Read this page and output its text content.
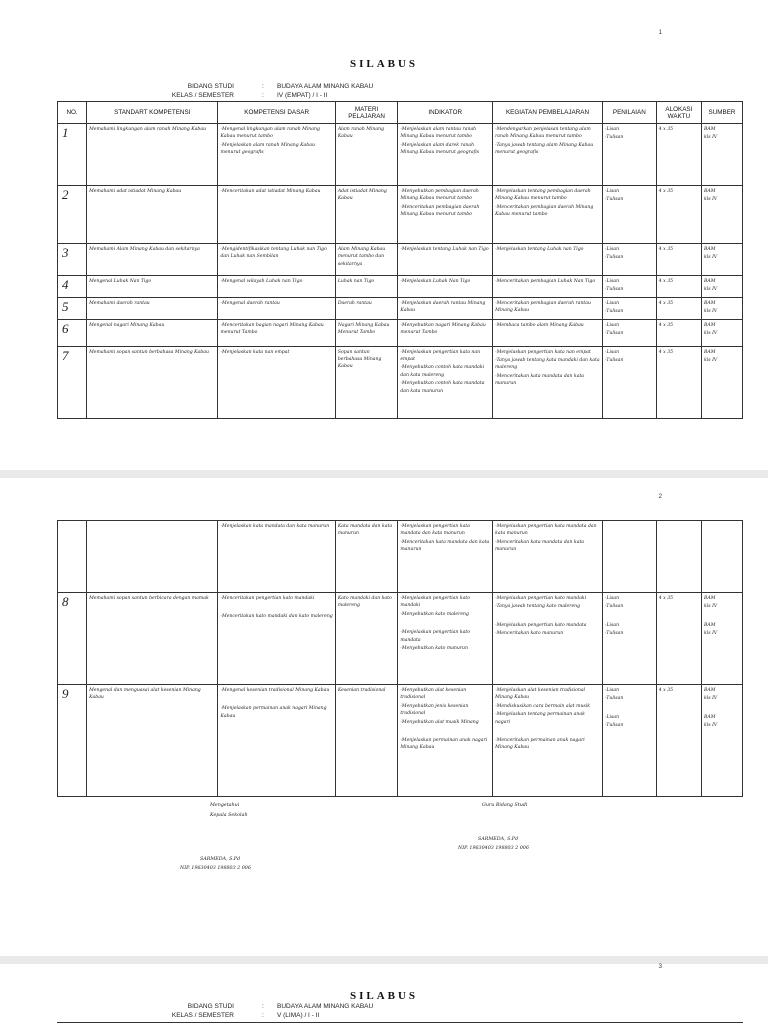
1
SILABUS
BIDANG STUDI	: BUDAYA ALAM MINANG KABAU
KELAS / SEMESTER	: IV (EMPAT) / I - II
NO.	STANDART KOMPETENSI	KOMPETENSI DASAR	MATERI PELAJARAN	INDIKATOR	KEGIATAN PEMBELAJARAN	PENILAIAN	ALOKASI WAKTU	SUMBER

1	Memahami lingkungan alam ranah Minang Kabau	-Mengenal lingkungan alam ranah Minang Kabau menurut tambo
-Menjelaskan alam ranah Minang Kabau menurut geografis	Alam ranah Minang Kabau	-Menjelaskan alam rantau ranah Minang Kabau menurut tambo
-Menjelaskan alam darek ranah Minang Kabau menurut geografis	-Mendengarkan penjelasan tentang alam ranah Minang Kabau menurut tambo
-Tanya jawab tentang alam Minang Kabau menurut geografis	-Lisan
-Tulisan	4 x 35	BAM
kls IV

2	Memahami adat istiadat Minang Kabau	-Menceritakan adat istiadat Minang Kabau	Adat istiadat Minang Kabau	-Menyebutkan pembagian daerah Minang Kabau menurut tambo
-Menceritakan pembagian daerah Minang Kabau menurut tambo	-Menjelaskan tentang pembagian daerah Minang Kabau menurut tambo
-Menceritakan pembagian daerah Minang Kabau menurut tambo	-Lisan
-Tulisan	4 x 35	BAM
kls IV

3	Memahami Alam Minang Kabau dan sekitarnya	-Mengidentifikasikan tentang Luhak nan Tigo dan Luhak nan Sembilan	Alam Minang Kabau menurut tambo dan sekitarnya	-Menjelaskan tentang Luhak nan Tigo	-Menjelaskan tentang Luhak nan Tigo	-Lisan
-Tulisan	4 x 35	BAM
kls IV

4	Mengenal Luhak Nan Tigo	-Mengenal wilayah Luhak nan Tigo	Luhak nan Tigo	-Menjelaskan Luhak Nan Tigo	-Menceritakan pembagian Luhak Nan Tigo	-Lisan
-Tulisan	4 x 35	BAM
kls IV

5	Memahami daerah rantau	-Mengenal daerah rantau	Daerah rantau	-Menjelaskan daerah rantau Minang Kabau	-Menceritakan pembagian daerah rantau Minang Kabau	-Lisan
-Tulisan	4 x 35	BAM
kls IV

6	Mengenal nagari Minang Kabau	-Menceritakan bagian nagari Minang Kabau menurut Tambo	Nagari Minang Kabau Menurut Tambo	-Menyebutkan nagari Minang Kabau menurut Tambo	-Membaca tambo alam Minang Kabau	-Lisan
-Tulisan	4 x 35	BAM
kls IV

7	Memahami sopan santun berbahasa Minang Kabau	-Menjelaskan kata nan empat	Sopan santun berbahasa Minang Kabau	-Menjelaskan pengertian kata nan empat
-Menyebutkan contoh kata mandaki dan kata malereng
-Menyebutkan contoh kata mandata dan kata manurun	-Menjelaskan pengertian kata nan empat
-Tanya jawab tentang kata mandaki dan kata malereng
-Menceritakan kata mandata dan kata manurun	-Lisan
-Tulisan	4 x 35	BAM
kls IV
2

		-Menjelaskan kata mandata dan kata manurun	Kata mandata dan kata manurun	-Menjelaskan pengertian kata mandata dan kata manurun
-Menceritakan kata mandata dan kata manurun	-Menjelaskan pengertian kata mandata dan kata manurun
-Menceritakan kata mandata dan kata manurun			

8	Memahami sopan santun berbicara dengan mamak	-Menceritakan pengertian kato mandaki
-Menceritakan kato mandaki dan kato malereng	Kato mandaki dan kato malereng	-Menjelaskan pengertian kato mandaki
-Menyebutkan kato malereng
-Menjelaskan pengertian kato mandata
-Menyebutkan kato manurun	-Menjelaskan pengertian kato mandaki
-Tanya jawab tentang kato malereng
-Menjelaskan pengertian kato mandata
-Menceritakan kato manurun	-Lisan
-Tulisan
-Lisan
-Tulisan	4 x 35	BAM
kls IV
BAM
kls IV

9	Mengenal dan menguasai alat kesenian Minang Kabau	-Mengenal kesenian tradisional Minang Kabau
-Menjelaskan permainan anak nagari Minang Kabau	Kesenian tradisional	-Menyebutkan alat kesenian tradisional
-Menyebutkan jenis kesenian tradisional
-Menyebutkan alat musik Minang
-Menjelaskan permainan anak nagari Minang Kabau	-Menjelaskan alat kesenian tradisional Minang Kabau
-Mendiskusikan cara bermain alat musik
-Menjelaskan tentang permainan anak nagari
-Menceritakan permainan anak nagari Minang Kabau	-Lisan
-Tulisan
-Lisan
-Tulisan	4 x 35	BAM
kls IV
BAM
kls IV
Mengetahui
Kepala Sekolah
SARMEDA, S.Pd
NIP. 19630403 198803 2 006
Guru Bidang Studi
SARMEDA, S.Pd
NIP. 19630403 198803 2 006
3
SILABUS
BIDANG STUDI	: BUDAYA ALAM MINANG KABAU
KELAS / SEMESTER	: V (LIMA) / I - II
